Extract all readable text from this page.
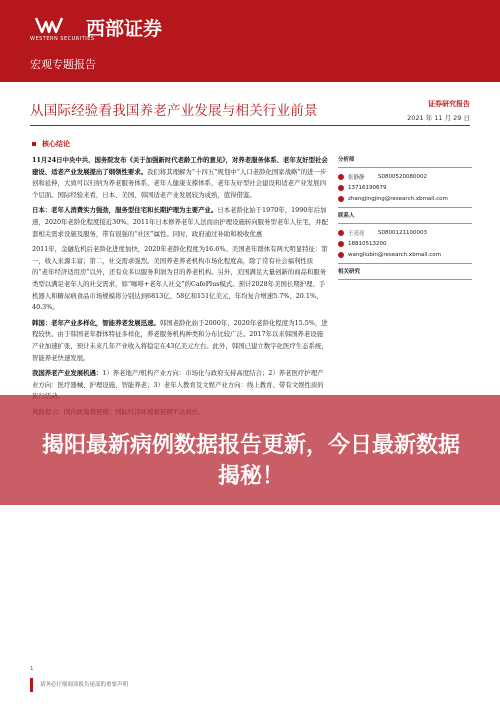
WESTERN SECURITIES
西部证券
宏观专题报告
从国际经验看我国养老产业发展与相关行业前景	证券研究报告
2021 年 11 月 29 日
核心结论

11月24日中央中共、国务院发布《关于加强新时代老龄工作的意见》，对养老服务体系、老年友好型社会建设、适老产业发展提出了纲领性要求。我们将其理解为“十四五”规划中“人口老龄化国家战略”的进一步创和延伸，大致可以归纳为养老服务体系、老年人健康支撑体系、老年友好型社会建设和适老产业发展四个层面。国际经验来看，日本、美国、韩国适老产业发展较为成熟，值得借鉴。

日本：老年人消费实力强劲，服务型住宅和长期护理为主要产业。日本老龄化始于1970年，1990年后加速，2020年老龄化程度接近30%。2011年日本修养老年人法而由护理设施转向服务型老年人住宅，并配套相关需求设施及服务，带有很强的“社区”属性。同时，政府通过补助和税收优惠

2011年，金融危机后老龄化进度加快，2020年老龄化程度为16.6%。美国老年群体有两大明显特征：第一，收入来源丰富；第二，社交需求强烈。美国养老养老机构市场化程度高，除了常有社会福利性质的“老年经济适用房”以外，还有众多以服务利润为目的养老机构。另外，美国满足大量创新的商品和服务类型以满足老年人的社交需求，如“咖啡+老年人社交”的CafePlus模式。预计2028年美国长期护理、手机器人和糖尿病食品市场规模将分别达到6813亿、58亿和151亿美元，年均复合增速5.7%、20.1%、40.3%。

韩国：老年产业多样化，智能养老发展迅速。韩国老龄化始于2000年，2020年老龄化程度为15.5%，进程较快。由于韩国老年群体特征多样化，养老服务机构种类和分布比较广泛。2017年以来韩国养老设施产业加速扩张，预计未来几年产业收入将稳定在43亿美元左右。此外，韩国已建立数字化医疗生态系统，智能养老快速发展。

我国养老产业发展机遇：1）养老地产/机构产业方向：市场化与政府支持高度结合；2）养老医疗护理产业方向：医疗器械、护理设施、智能养老；3）老年人教育及文娱产业方向：线上教育、带有文娱性质的

分析师
张静静	S0800520080002
13716190679
zhangjingjing@research.xbmail.com
联系人
王亮亮	S0800121100003
18810513200
wangliubin@research.xbmail.com
相关研究
揭阳最新病例数据报告更新，今日最新数据揭秘！
1
请务必仔细阅读报告尾部的重要声明
